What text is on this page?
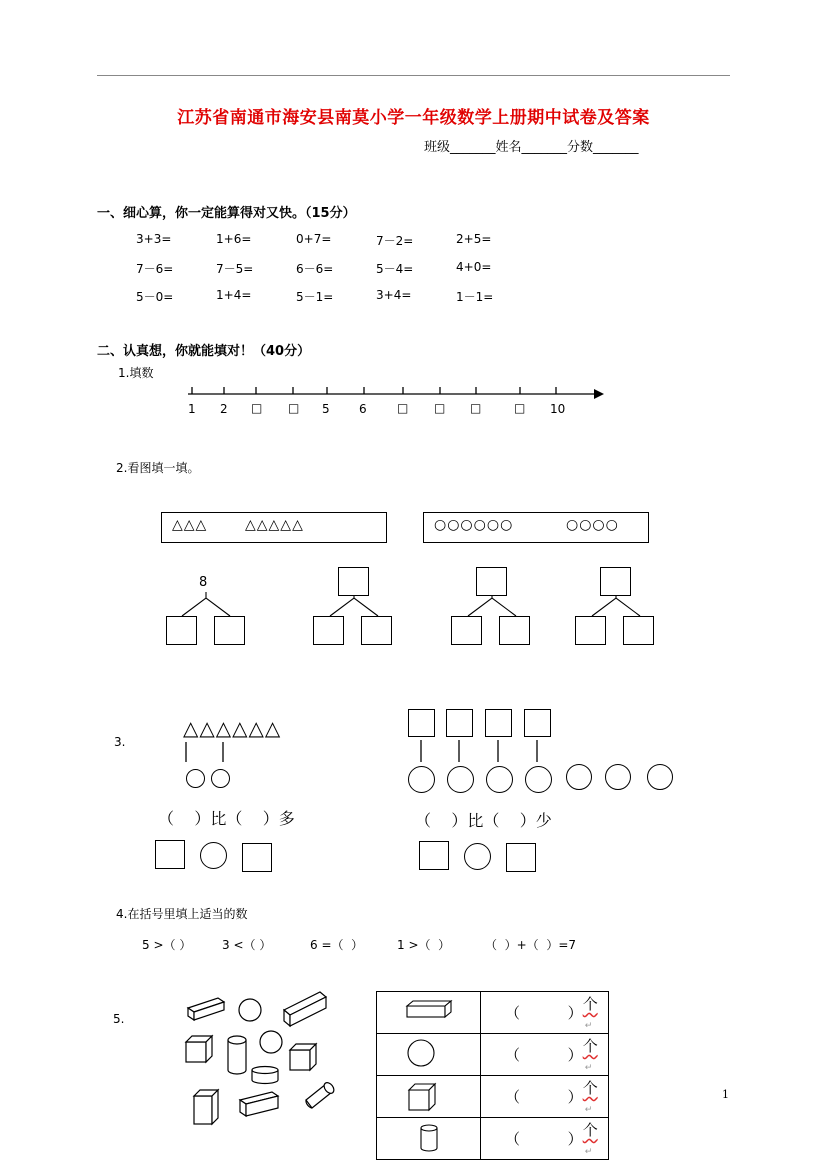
江苏省南通市海安县南莫小学一年级数学上册期中试卷及答案
班级_______姓名_______分数_______
一、细心算，你一定能算得对又快。（15分）
3+3=	1+6=	0+7=	7－2=	2+5=
7－6=	7－5=	6－6=	5－4=	4+0=
5－0=	1+4=	5－1=	3+4=	1－1=
二、认真想，你就能填对！（40分）
1.填数
1 2 □ □ 5 6	□ □ □	□ 10
2.看图填一填。
△△△	△△△△△	○○○○○○	○○○○
8
3.
△△△△△△
（    ）比（    ）多	（    ）比（    ）少
4.在括号里填上适当的数
5 >（ ）	3 <（ ）	6 =（  ）	1 >（  ）	（  ）+（  ）=7
5.
		（          ） 个↵

（          ） 个↵

（          ） 个↵

（          ） 个↵
1
